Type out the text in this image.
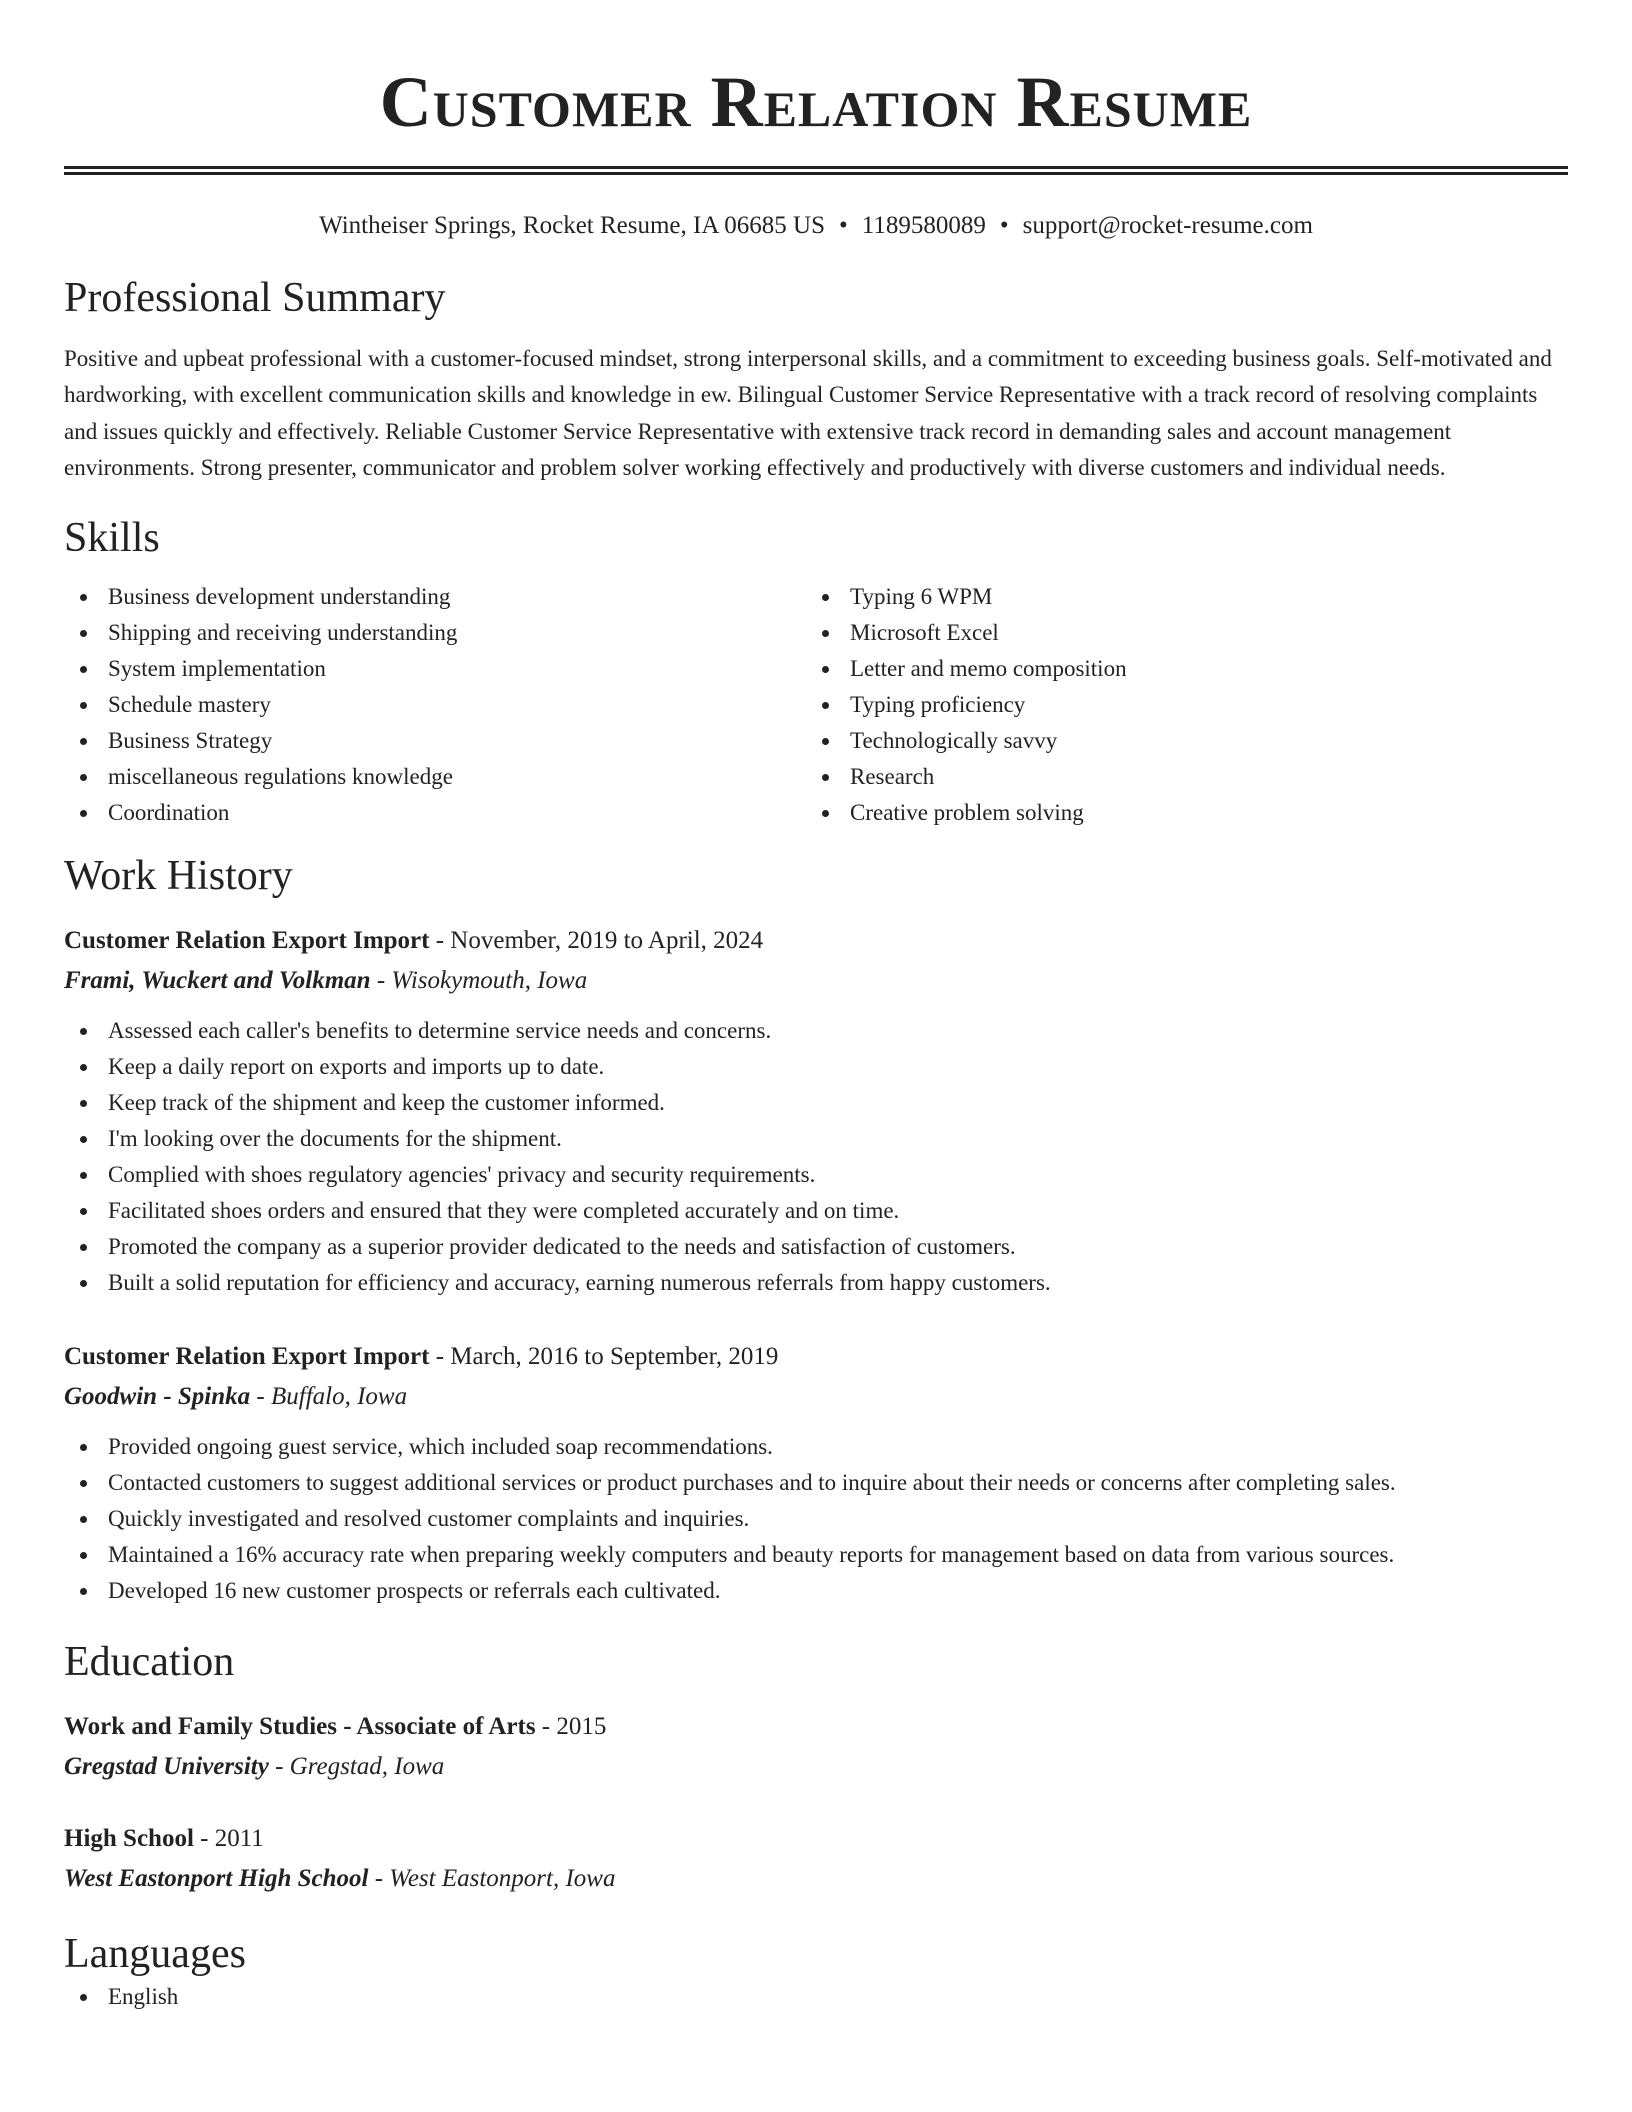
Customer Relation Resume
Wintheiser Springs, Rocket Resume, IA 06685 US • 1189580089 • support@rocket-resume.com
Professional Summary

Positive and upbeat professional with a customer-focused mindset, strong interpersonal skills, and a commitment to exceeding business goals. Self-motivated and hardworking, with excellent communication skills and knowledge in ew. Bilingual Customer Service Representative with a track record of resolving complaints and issues quickly and effectively. Reliable Customer Service Representative with extensive track record in demanding sales and account management environments. Strong presenter, communicator and problem solver working effectively and productively with diverse customers and individual needs.

Skills
Business development understanding
Shipping and receiving understanding
System implementation
Schedule mastery
Business Strategy
miscellaneous regulations knowledge
Coordination
Typing 6 WPM
Microsoft Excel
Letter and memo composition
Typing proficiency
Technologically savvy
Research
Creative problem solving
Work History
Customer Relation Export Import - November, 2019 to April, 2024
Frami, Wuckert and Volkman - Wisokymouth, Iowa
Assessed each caller's benefits to determine service needs and concerns.
Keep a daily report on exports and imports up to date.
Keep track of the shipment and keep the customer informed.
I'm looking over the documents for the shipment.
Complied with shoes regulatory agencies' privacy and security requirements.
Facilitated shoes orders and ensured that they were completed accurately and on time.
Promoted the company as a superior provider dedicated to the needs and satisfaction of customers.
Built a solid reputation for efficiency and accuracy, earning numerous referrals from happy customers.
Customer Relation Export Import - March, 2016 to September, 2019
Goodwin - Spinka - Buffalo, Iowa
Provided ongoing guest service, which included soap recommendations.
Contacted customers to suggest additional services or product purchases and to inquire about their needs or concerns after completing sales.
Quickly investigated and resolved customer complaints and inquiries.
Maintained a 16% accuracy rate when preparing weekly computers and beauty reports for management based on data from various sources.
Developed 16 new customer prospects or referrals each cultivated.
Education
Work and Family Studies - Associate of Arts - 2015
Gregstad University - Gregstad, Iowa
High School - 2011
West Eastonport High School - West Eastonport, Iowa
Languages
English
